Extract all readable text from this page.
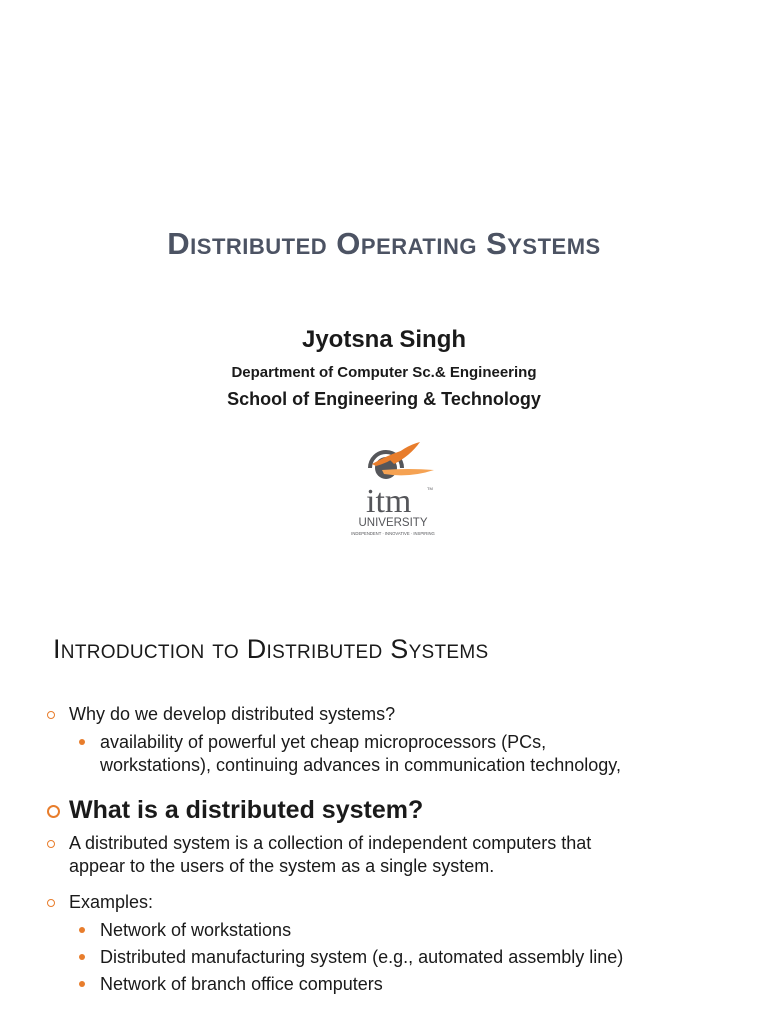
Distributed Operating Systems
Jyotsna Singh
Department of Computer Sc.& Engineering
School of Engineering & Technology
itm	TM
UNIVERSITY
INDEPENDENT · INNOVATIVE · INSPIRING
Introduction to Distributed Systems
Why do we develop distributed systems?
availability of powerful yet cheap microprocessors (PCs,
workstations), continuing advances in communication technology,
What is a distributed system?
A distributed system is a collection of independent computers that
appear to the users of the system as a single system.
Examples:
Network of workstations
Distributed manufacturing system (e.g., automated assembly line)
Network of branch office computers
